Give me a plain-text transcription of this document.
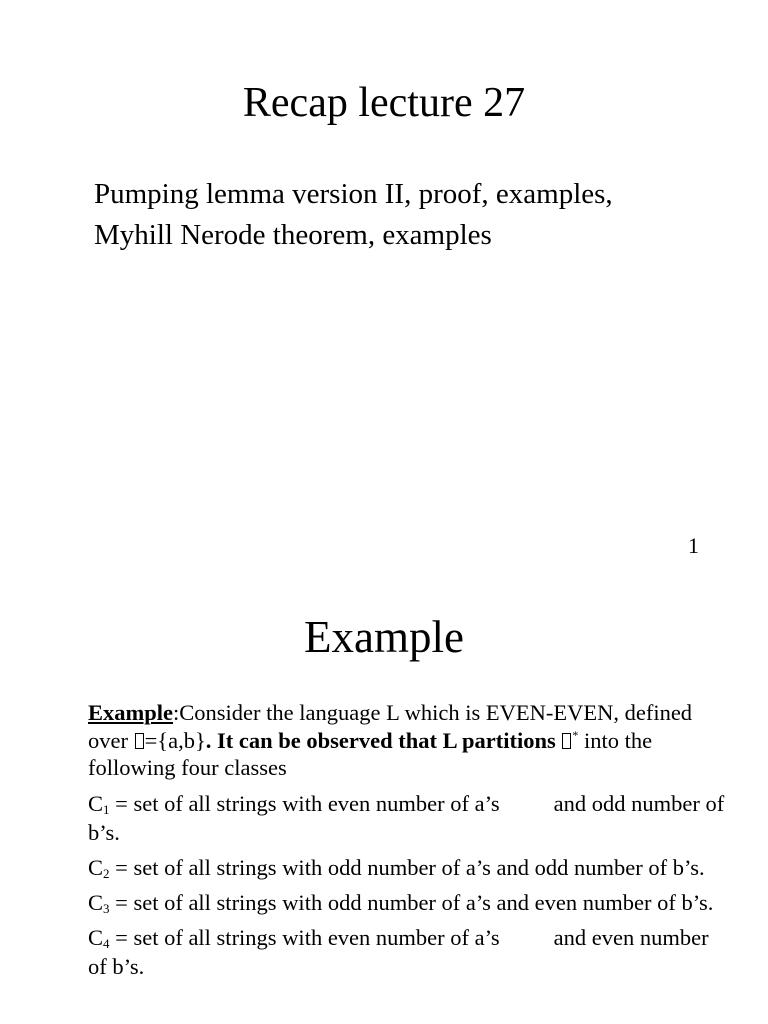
Recap lecture 27

Pumping lemma version II, proof, examples, Myhill Nerode theorem, examples

1
Example

Example:Consider the language L which is EVEN-EVEN, defined over ={a,b}. It can be observed that L partitions * into the following four classes

$C_1$ = set of all strings with even number of a’s and odd number of b’s.

$C_2$ = set of all strings with odd number of a’s and odd number of b’s.

$C_3$ = set of all strings with odd number of a’s and even number of b’s.

$C_4$ = set of all strings with even number of a’s and even number of b’s.
